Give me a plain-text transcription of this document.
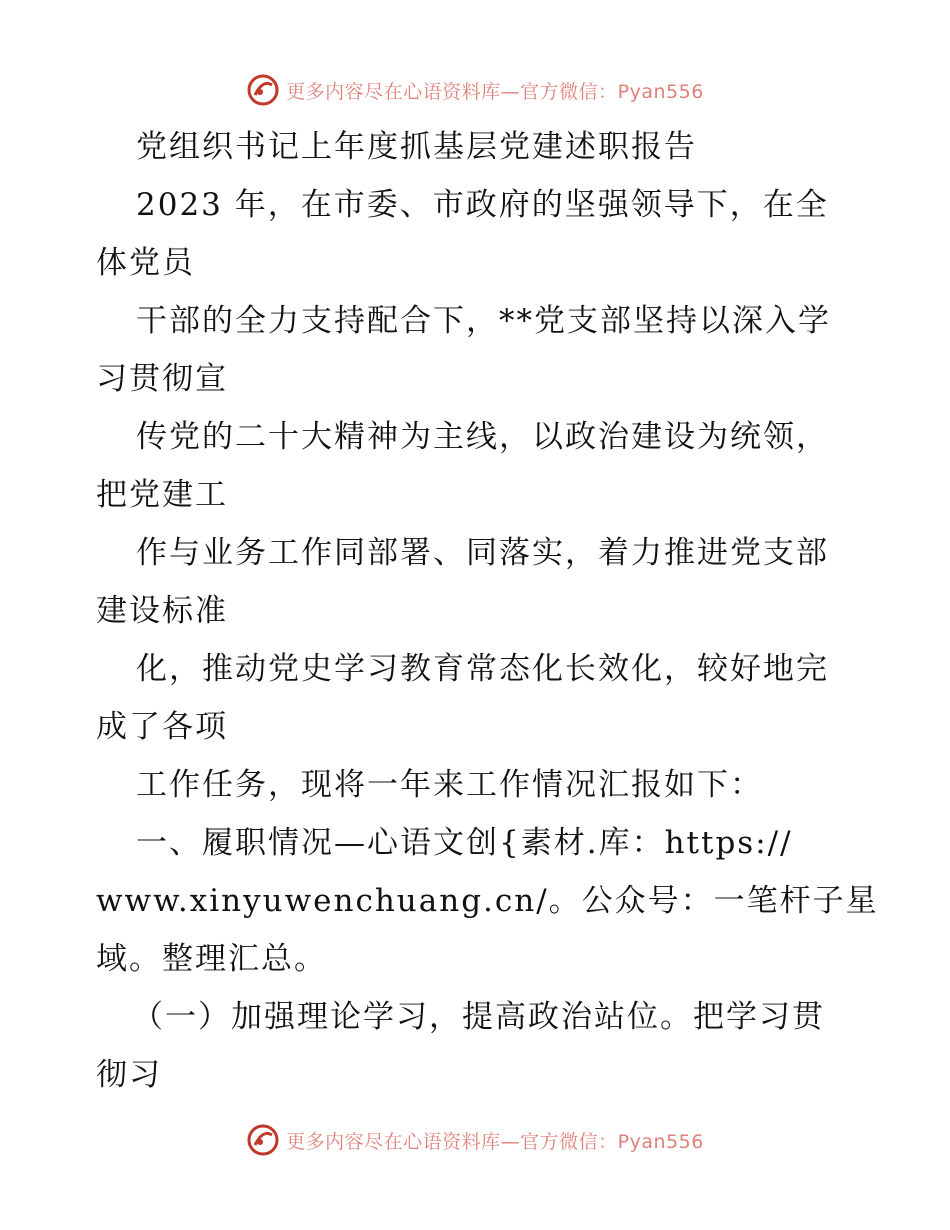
更多内容尽在心语资料库—官方微信：Pyan556
党组织书记上年度抓基层党建述职报告
2023 年，在市委、市政府的坚强领导下，在全
体党员
干部的全力支持配合下，**党支部坚持以深入学
习贯彻宣
传党的二十大精神为主线，以政治建设为统领，
把党建工
作与业务工作同部署、同落实，着力推进党支部
建设标准
化，推动党史学习教育常态化长效化，较好地完
成了各项
工作任务，现将一年来工作情况汇报如下：
一、履职情况—心语文创{素材.库：https://
www.xinyuwenchuang.cn/。公众号：一笔杆子星
域。整理汇总。
（一）加强理论学习，提高政治站位。把学习贯
彻习
更多内容尽在心语资料库—官方微信：Pyan556
